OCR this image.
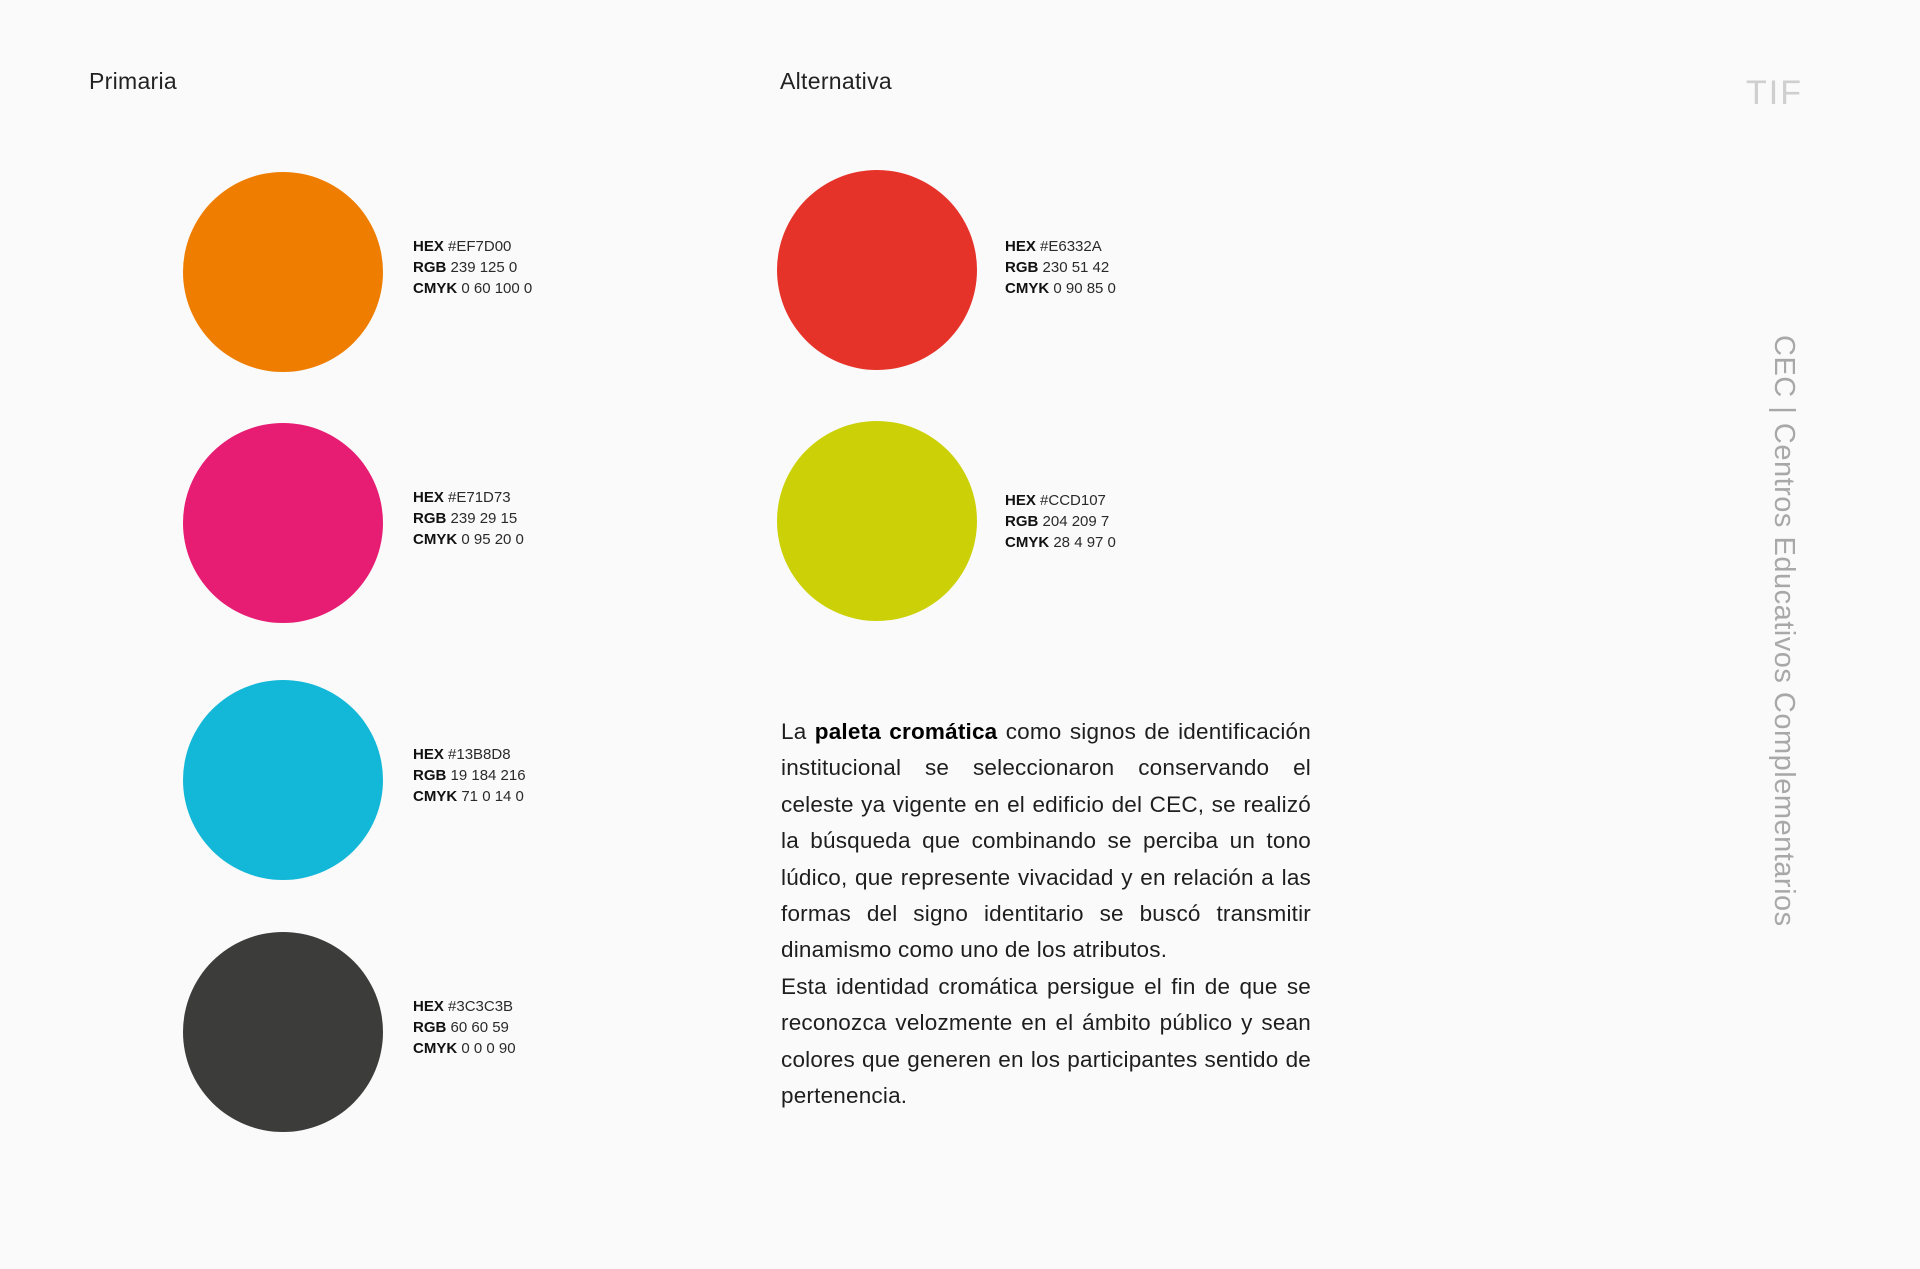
Primaria	Alternativa	TIF
CEC | Centros Educativos Complementarios
HEX #EF7D00
RGB 239 125 0
CMYK 0 60 100 0
HEX #E71D73
RGB 239 29 15
CMYK 0 95 20 0
HEX #13B8D8
RGB 19 184 216
CMYK 71 0 14 0
HEX #3C3C3B
RGB 60 60 59
CMYK 0 0 0 90
HEX #E6332A
RGB 230 51 42
CMYK 0 90 85 0
HEX #CCD107
RGB 204 209 7
CMYK 28 4 97 0

La paleta cromática como signos de identificación institucional se seleccionaron conservando el celeste ya vigente en el edificio del CEC, se realizó la búsqueda que combinando se perciba un tono lúdico, que represente vivacidad y en relación a las formas del signo identitario se buscó transmitir dinamismo como uno de los atributos.

Esta identidad cromática persigue el fin de que se reconozca velozmente en el ámbito público y sean colores que generen en los participantes sentido de pertenencia.
